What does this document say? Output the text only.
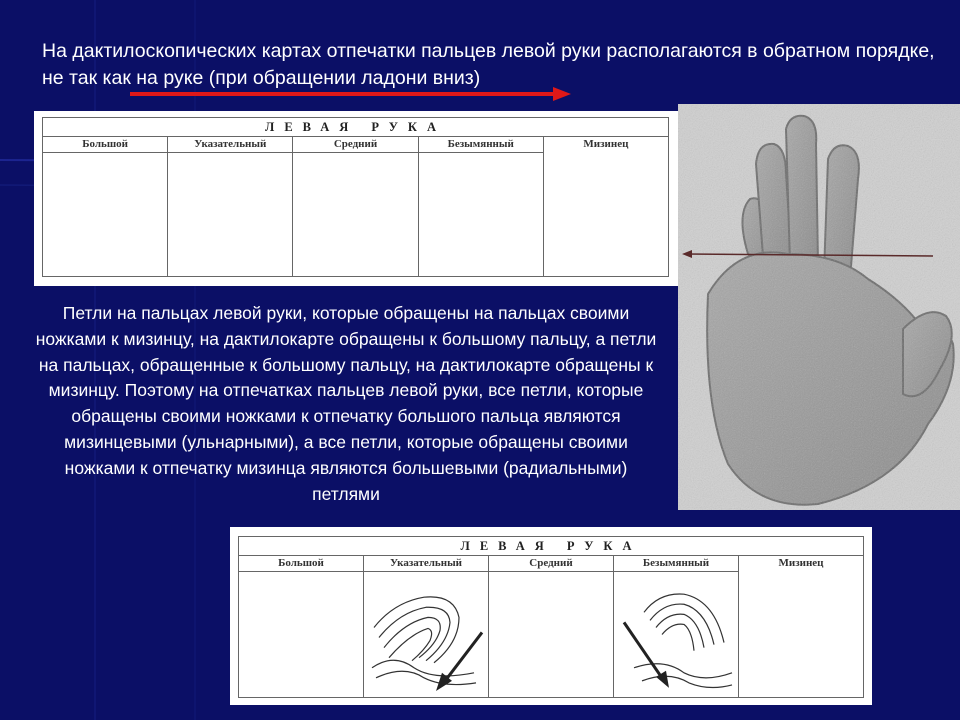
На дактилоскопических картах отпечатки пальцев левой руки располагаются в обратном порядке, не так как на руке (при обращении ладони вниз)

ЛЕВАЯ РУКА
Большой	Указательный	Средний	Безымянный	Мизинец

Петли на пальцах левой руки, которые обращены на пальцах своими ножками к мизинцу, на дактилокарте обращены к большому пальцу, а петли на пальцах, обращенные к большому пальцу, на дактилокарте обращены к мизинцу. Поэтому на отпечатках пальцев левой руки, все петли, которые обращены своими ножками к отпечатку большого пальца являются мизинцевыми (ульнарными), а все петли, которые обращены своими ножками к отпечатку мизинца являются большевыми (радиальными) петлями

ЛЕВАЯ РУКА
Большой	Указательный	Средний	Безымянный	Мизинец
